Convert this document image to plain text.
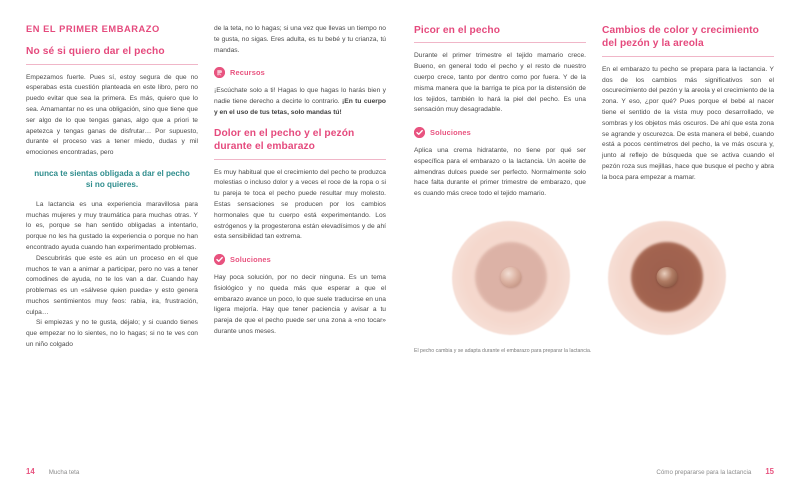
EN EL PRIMER EMBARAZO
No sé si quiero dar el pecho

Empezamos fuerte. Pues sí, estoy segura de que no esperabas esta cuestión planteada en este libro, pero no puedo evitar que sea la primera. Es más, quiero que lo sea. Amamantar no es una obligación, sino que tiene que ser algo de lo que tengas ganas, algo que a priori te apetezca y tengas ganas de disfrutar… Por supuesto, durante el proceso vas a tener miedo, dudas y mil emociones encontradas, pero

nunca te sientas obligada a dar el pecho si no quieres.

La lactancia es una experiencia maravillosa para muchas mujeres y muy traumática para muchas otras. Y lo es, porque se han sentido obligadas a intentarlo, porque no les ha gustado la experiencia o porque no han encontrado ayuda cuando han experimentado problemas.

Descubrirás que este es aún un proceso en el que muchos te van a animar a participar, pero no vas a tener comodines de ayuda, no te los van a dar. Cuando hay problemas es un «sálvese quien pueda» y esto genera muchos sentimientos muy feos: rabia, ira, frustración, culpa…

Si empiezas y no te gusta, déjalo; y si cuando tienes que empezar no lo sientes, no lo hagas; si no te ves con un niño colgado

de la teta, no lo hagas; si una vez que llevas un tiempo no te gusta, no sigas. Eres adulta, es tu bebé y tu crianza, tú mandas.

Recursos

¡Escúchate solo a ti! Hagas lo que hagas lo harás bien y nadie tiene derecho a decirte lo contrario. ¡En tu cuerpo y en el uso de tus tetas, solo mandas tú!

Dolor en el pecho y el pezón durante el embarazo

Es muy habitual que el crecimiento del pecho te produzca molestias o incluso dolor y a veces el roce de la ropa o si tu pareja te toca el pecho puede resultar muy molesto. Estas sensaciones se producen por los cambios hormonales que tu cuerpo está experimentando. Los estrógenos y la progesterona están elevadísimos y de ahí esta sensibilidad tan extrema.

Soluciones

Hay poca solución, por no decir ninguna. Es un tema fisiológico y no queda más que esperar a que el embarazo avance un poco, lo que suele traducirse en una ligera mejoría. Hay que tener paciencia y avisar a tu pareja de que el pecho puede ser una zona a «no tocar» durante unos meses.

14 Mucha teta
Picor en el pecho

Durante el primer trimestre el tejido mamario crece. Bueno, en general todo el pecho y el resto de nuestro cuerpo crece, tanto por dentro como por fuera. Y de la misma manera que la barriga te pica por la distensión de los tejidos, también lo hará la piel del pecho. Es una sensación muy desagradable.

Soluciones

Aplica una crema hidratante, no tiene por qué ser específica para el embarazo o la lactancia. Un aceite de almendras dulces puede ser perfecto. Normalmente solo hace falta durante el primer trimestre de embarazo, que es cuando más crece todo el tejido mamario.

Cambios de color y crecimiento del pezón y la areola

En el embarazo tu pecho se prepara para la lactancia. Y dos de los cambios más significativos son el oscurecimiento del pezón y la areola y el crecimiento de la zona. Y eso, ¿por qué? Pues porque el bebé al nacer tiene el sentido de la vista muy poco desarrollado, ve sombras y los objetos más oscuros. De ahí que esta zona se agrande y oscurezca. De esta manera el bebé, cuando está a pocos centímetros del pecho, la ve más oscura y, junto al reflejo de búsqueda que se activa cuando el pezón roza sus mejillas, hace que busque el pecho y abra la boca para empezar a mamar.

El pecho cambia y se adapta durante el embarazo para preparar la lactancia.
Cómo prepararse para la lactancia 15
